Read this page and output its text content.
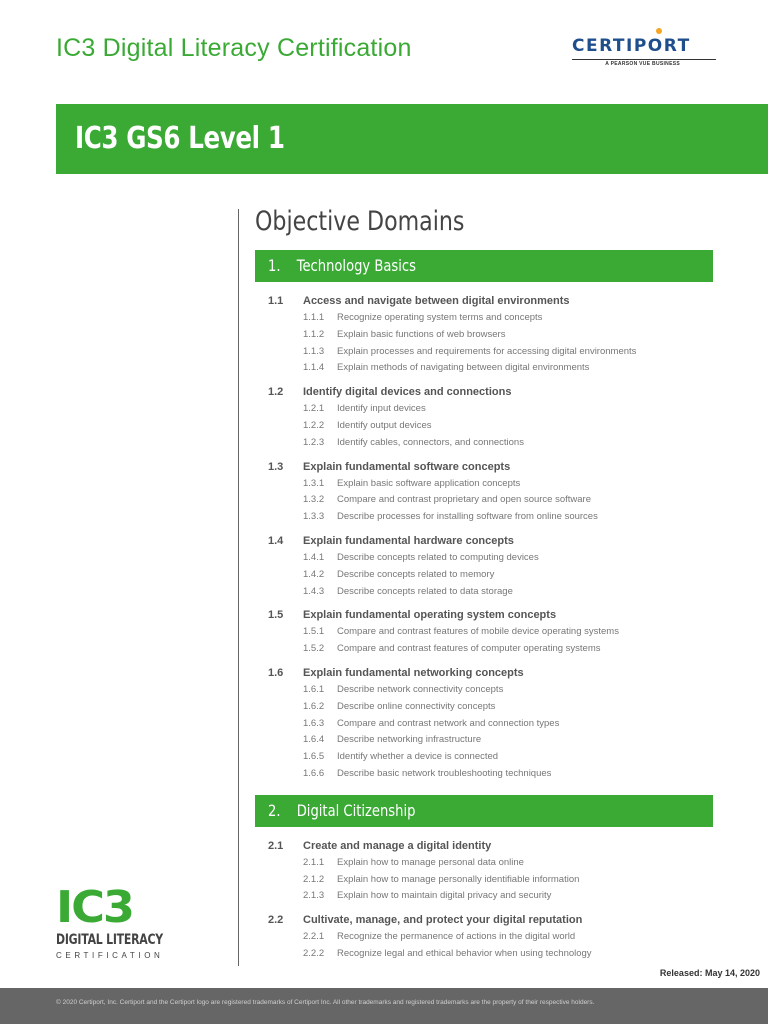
IC3 Digital Literacy Certification	CERTIPORT
A PEARSON VUE BUSINESS
IC3 GS6 Level 1
Objective Domains
1. Technology Basics
1.1 Access and navigate between digital environments
1.1.1 Recognize operating system terms and concepts
1.1.2 Explain basic functions of web browsers
1.1.3 Explain processes and requirements for accessing digital environments
1.1.4 Explain methods of navigating between digital environments
1.2 Identify digital devices and connections
1.2.1 Identify input devices
1.2.2 Identify output devices
1.2.3 Identify cables, connectors, and connections
1.3 Explain fundamental software concepts
1.3.1 Explain basic software application concepts
1.3.2 Compare and contrast proprietary and open source software
1.3.3 Describe processes for installing software from online sources
1.4 Explain fundamental hardware concepts
1.4.1 Describe concepts related to computing devices
1.4.2 Describe concepts related to memory
1.4.3 Describe concepts related to data storage
1.5 Explain fundamental operating system concepts
1.5.1 Compare and contrast features of mobile device operating systems
1.5.2 Compare and contrast features of computer operating systems
1.6 Explain fundamental networking concepts
1.6.1 Describe network connectivity concepts
1.6.2 Describe online connectivity concepts
1.6.3 Compare and contrast network and connection types
1.6.4 Describe networking infrastructure
1.6.5 Identify whether a device is connected
1.6.6 Describe basic network troubleshooting techniques
2. Digital Citizenship
2.1 Create and manage a digital identity
2.1.1 Explain how to manage personal data online
2.1.2 Explain how to manage personally identifiable information
2.1.3 Explain how to maintain digital privacy and security
2.2 Cultivate, manage, and protect your digital reputation
2.2.1 Recognize the permanence of actions in the digital world
2.2.2 Recognize legal and ethical behavior when using technology
IC3
DIGITAL LITERACY
CERTIFICATION
Released: May 14, 2020
© 2020 Certiport, Inc. Certiport and the Certiport logo are registered trademarks of Certiport Inc. All other trademarks and registered trademarks are the property of their respective holders.
